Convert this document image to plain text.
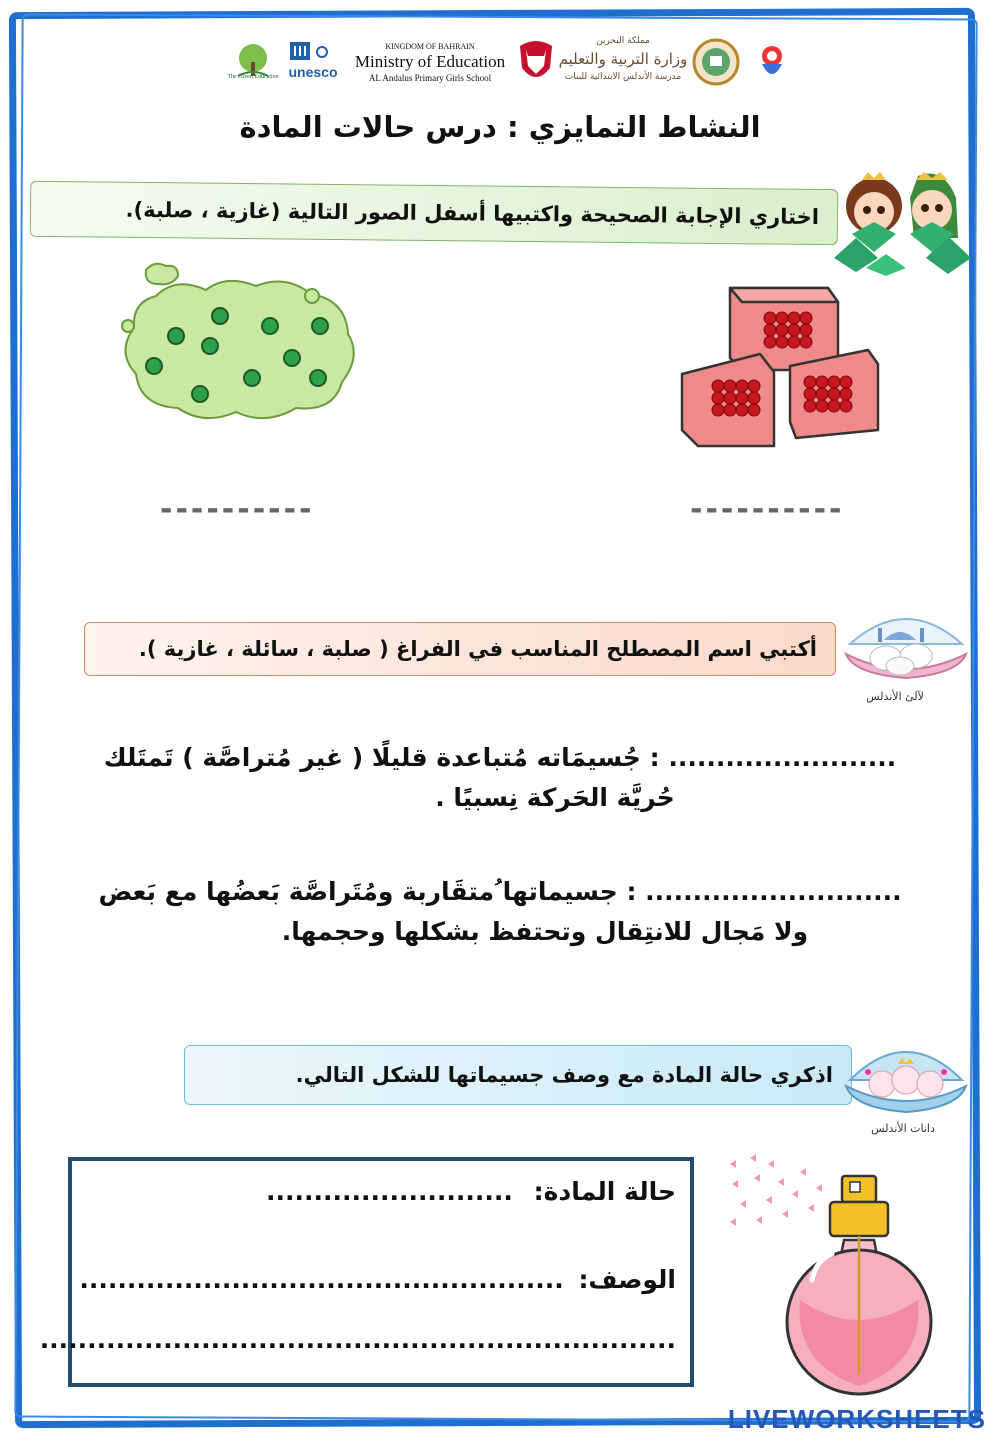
The Green Education unesco
KINGDOM OF BAHRAIN
Ministry of Education
AL Andalus Primary Girls School
مملكة البحرين
وزارة التربية والتعليم
مدرسة الأندلس الابتدائية للبنات
النشاط التمايزي : درس حالات المادة
اختاري الإجابة الصحيحة واكتبيها أسفل الصور التالية (غازية ، صلبة).
----------	----------
أكتبي اسم المصطلح المناسب في الفراغ ( صلبة ، سائلة ، غازية ).
لآلئ الأندلس
........................ : جُسيمَاته مُتباعدة قليلًا ( غير مُتراصَّة ) تَمتَلك
حُريَّة الحَركة نِسبيًا .
........................... : جسيماتها ُمتقَاربة ومُتَراصَّة بَعضُها مع بَعض
ولا مَجال للانتِقال وتحتفظ بشكلها وحجمها.
اذكري حالة المادة مع وصف جسيماتها للشكل التالي.
دانات الأندلس
حالة المادة: ..........................
الوصف: ...................................................
...................................................................
LIVEWORKSHEETS
